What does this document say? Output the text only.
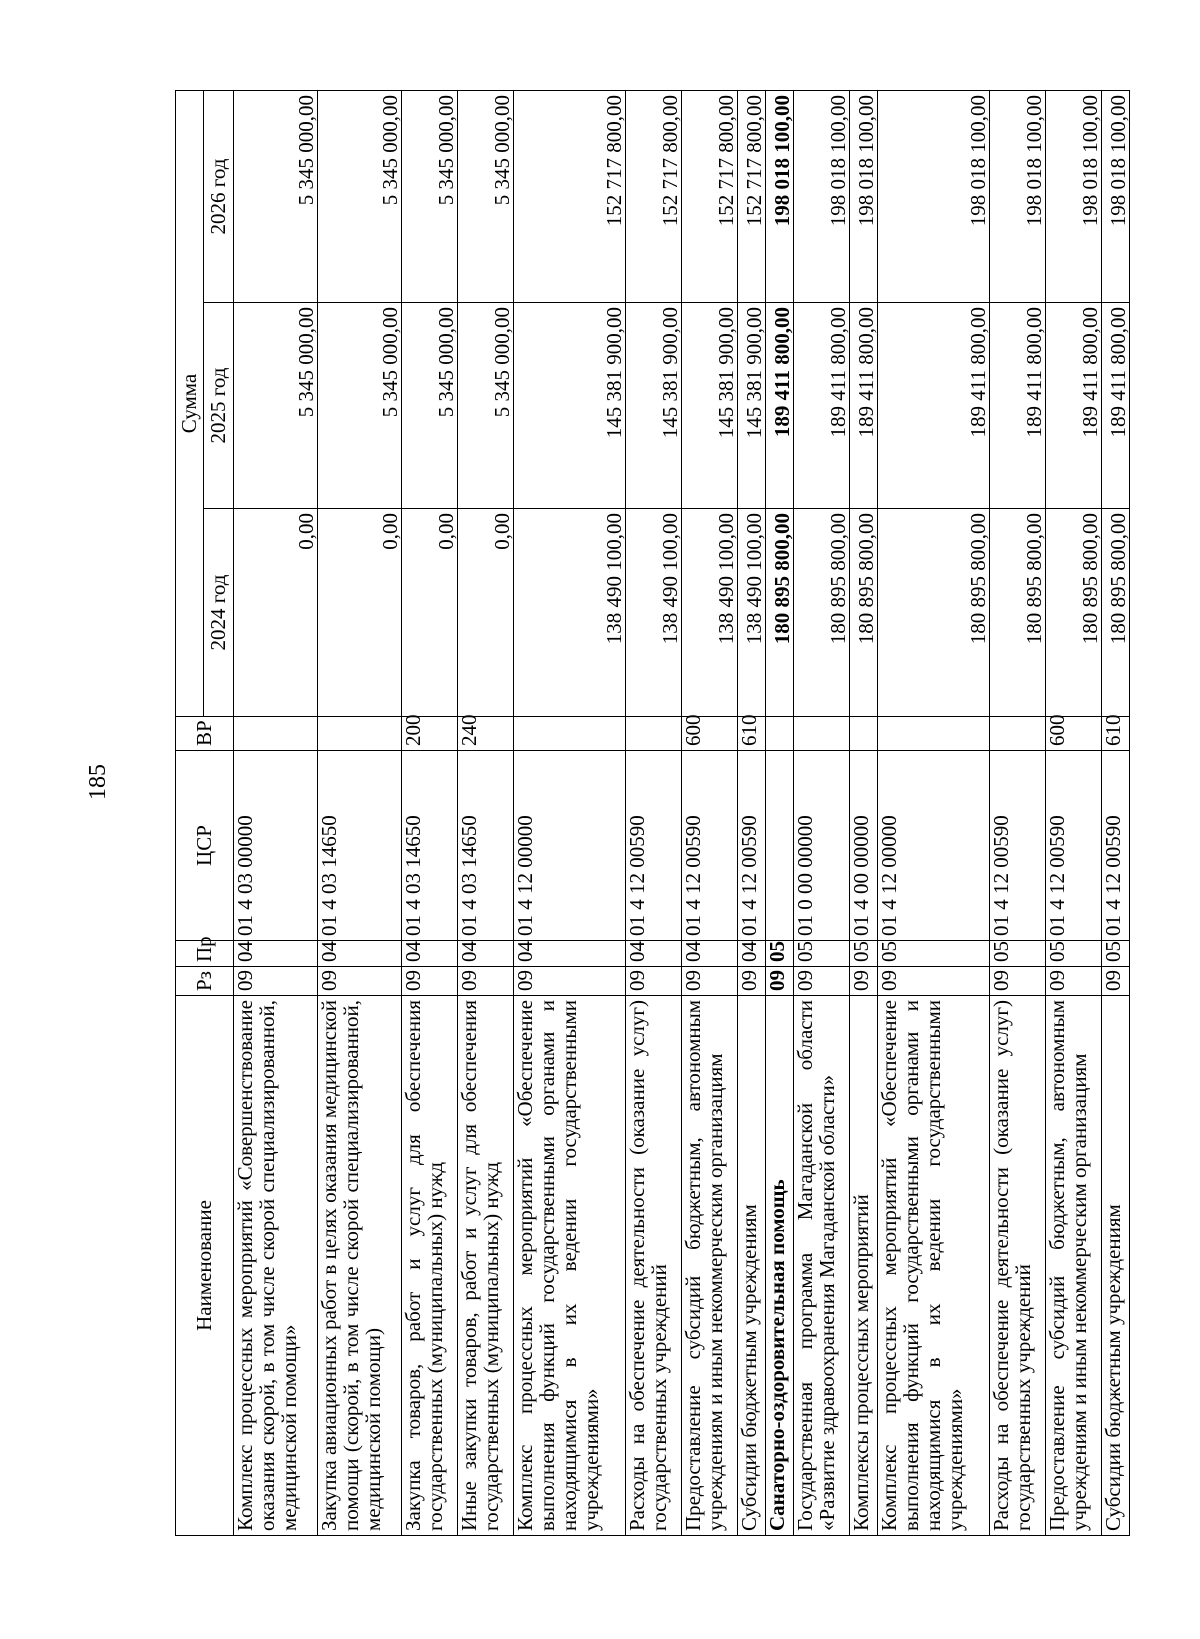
185
Наименование	Рз	Пр	ЦСР	ВР	Сумма		
					2024 год	2025 год	2026 год
Комплекс процессных мероприятий «Совершенствование оказания скорой, в том числе скорой специализированной, медицинской помощи»	09	04	01 4 03 00000		0,00	5 345 000,00	5 345 000,00
Закупка авиационных работ в целях оказания медицинской помощи (скорой, в том числе скорой специализированной, медицинской помощи)	09	04	01 4 03 14650		0,00	5 345 000,00	5 345 000,00
Закупка товаров, работ и услуг для обеспечения государственных (муниципальных) нужд	09	04	01 4 03 14650	200	0,00	5 345 000,00	5 345 000,00
Иные закупки товаров, работ и услуг для обеспечения государственных (муниципальных) нужд	09	04	01 4 03 14650	240	0,00	5 345 000,00	5 345 000,00
Комплекс процессных мероприятий «Обеспечение выполнения функций государственными органами и находящимися в их ведении государственными учреждениями»	09	04	01 4 12 00000		138 490 100,00	145 381 900,00	152 717 800,00
Расходы на обеспечение деятельности (оказание услуг) государственных учреждений	09	04	01 4 12 00590		138 490 100,00	145 381 900,00	152 717 800,00
Предоставление субсидий бюджетным, автономным учреждениям и иным некоммерческим организациям	09	04	01 4 12 00590	600	138 490 100,00	145 381 900,00	152 717 800,00
Субсидии бюджетным учреждениям	09	04	01 4 12 00590	610	138 490 100,00	145 381 900,00	152 717 800,00
Санаторно-оздоровительная помощь	09	05			180 895 800,00	189 411 800,00	198 018 100,00
Государственная программа Магаданской области «Развитие здравоохранения Магаданской области»	09	05	01 0 00 00000		180 895 800,00	189 411 800,00	198 018 100,00
Комплексы процессных мероприятий	09	05	01 4 00 00000		180 895 800,00	189 411 800,00	198 018 100,00
Комплекс процессных мероприятий «Обеспечение выполнения функций государственными органами и находящимися в их ведении государственными учреждениями»	09	05	01 4 12 00000		180 895 800,00	189 411 800,00	198 018 100,00
Расходы на обеспечение деятельности (оказание услуг) государственных учреждений	09	05	01 4 12 00590		180 895 800,00	189 411 800,00	198 018 100,00
Предоставление субсидий бюджетным, автономным учреждениям и иным некоммерческим организациям	09	05	01 4 12 00590	600	180 895 800,00	189 411 800,00	198 018 100,00
Субсидии бюджетным учреждениям	09	05	01 4 12 00590	610	180 895 800,00	189 411 800,00	198 018 100,00
